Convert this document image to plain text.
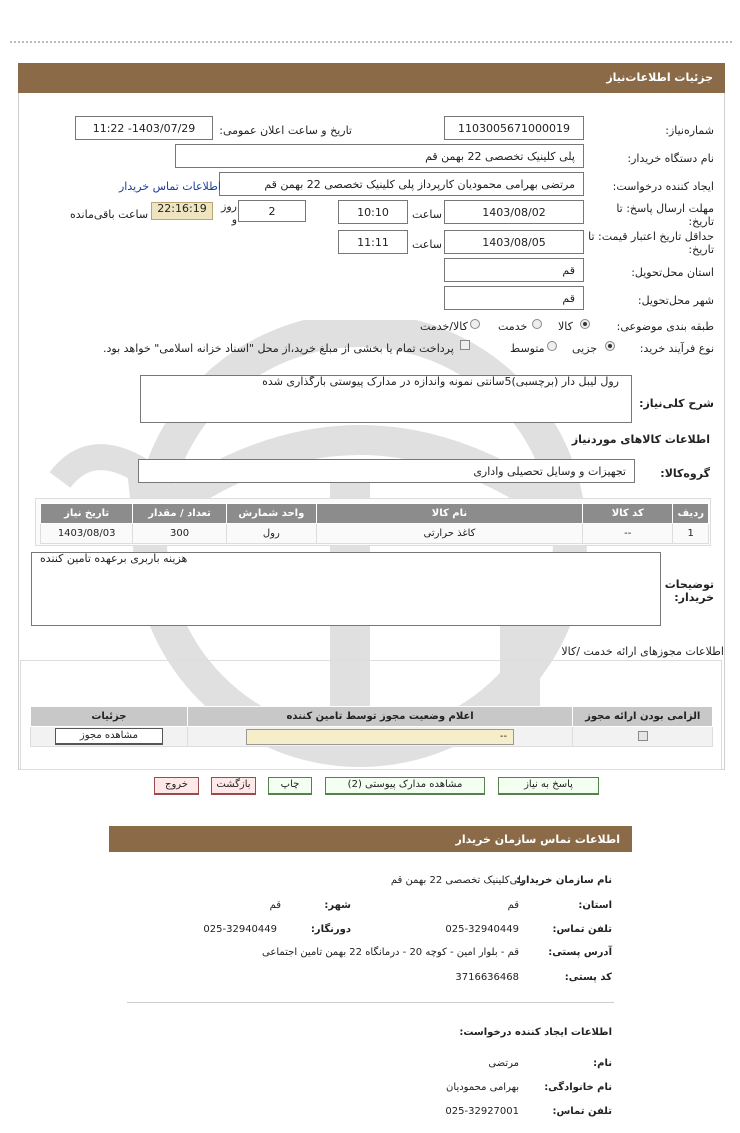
جزئیات اطلاعات‌نیاز
شماره‌نیاز:
1103005671000019
تاریخ و ساعت اعلان عمومی:
1403/07/29- 11:22
نام دستگاه خریدار:
پلی کلینیک تخصصی 22 بهمن قم
ایجاد کننده درخواست:
مرتضی بهرامی محمودیان کارپرداز پلی کلینیک تخصصی 22 بهمن قم
اطلاعات تماس خریدار
مهلت ارسال پاسخ: تا تاریخ:
1403/08/02
ساعت
10:10
2
روز و
22:16:19
ساعت باقی‌مانده
حداقل تاریخ اعتبار قیمت: تا تاریخ:
1403/08/05
ساعت
11:11
استان محل‌تحویل:
قم
شهر محل‌تحویل:
قم
طبقه بندی موضوعی:
کالا
خدمت
کالا/خدمت
نوع فرآیند خرید:
جزیی
متوسط
پرداخت تمام یا بخشی از مبلغ خرید،از محل "اسناد خزانه اسلامی" خواهد بود.
شرح کلی‌نیاز:
رول لیبل دار (برچسبی)5سانتی نمونه واندازه در مدارک پیوستی بارگذاری شده
اطلاعات کالاهای موردنیاز
گروه‌کالا:
تجهیزات و وسایل تحصیلی واداری
ردیف	کد کالا	نام کالا	واحد شمارش	تعداد / مقدار	تاریخ نیاز
1	--	کاغذ حرارتی	رول	300	1403/08/03
توضیحات خریدار:
هزینه باربری برعهده تامین کننده
اطلاعات مجوزهای ارائه خدمت /کالا
الزامی بودن ارائه مجوز	اعلام وضعیت مجوز توسط تامین کننده	جزئیات

	--	مشاهده مجوز
پاسخ به نیاز
مشاهده مدارک پیوستی (2)
چاپ
بازگشت
خروج
اطلاعات تماس سازمان خریدار
نام سازمان خریدار:
پلی‌کلینیک تخصصی 22 بهمن قم
استان:
قم
شهر:
قم
تلفن تماس:
025-32940449
دورنگار:
025-32940449
آدرس پستی:
قم - بلوار امین - کوچه 20 - درمانگاه 22 بهمن تامین اجتماعی
کد پستی:
3716636468
اطلاعات ایجاد کننده درخواست:
نام:
مرتضی
نام خانوادگی:
بهرامی محمودیان
تلفن تماس:
025-32927001
